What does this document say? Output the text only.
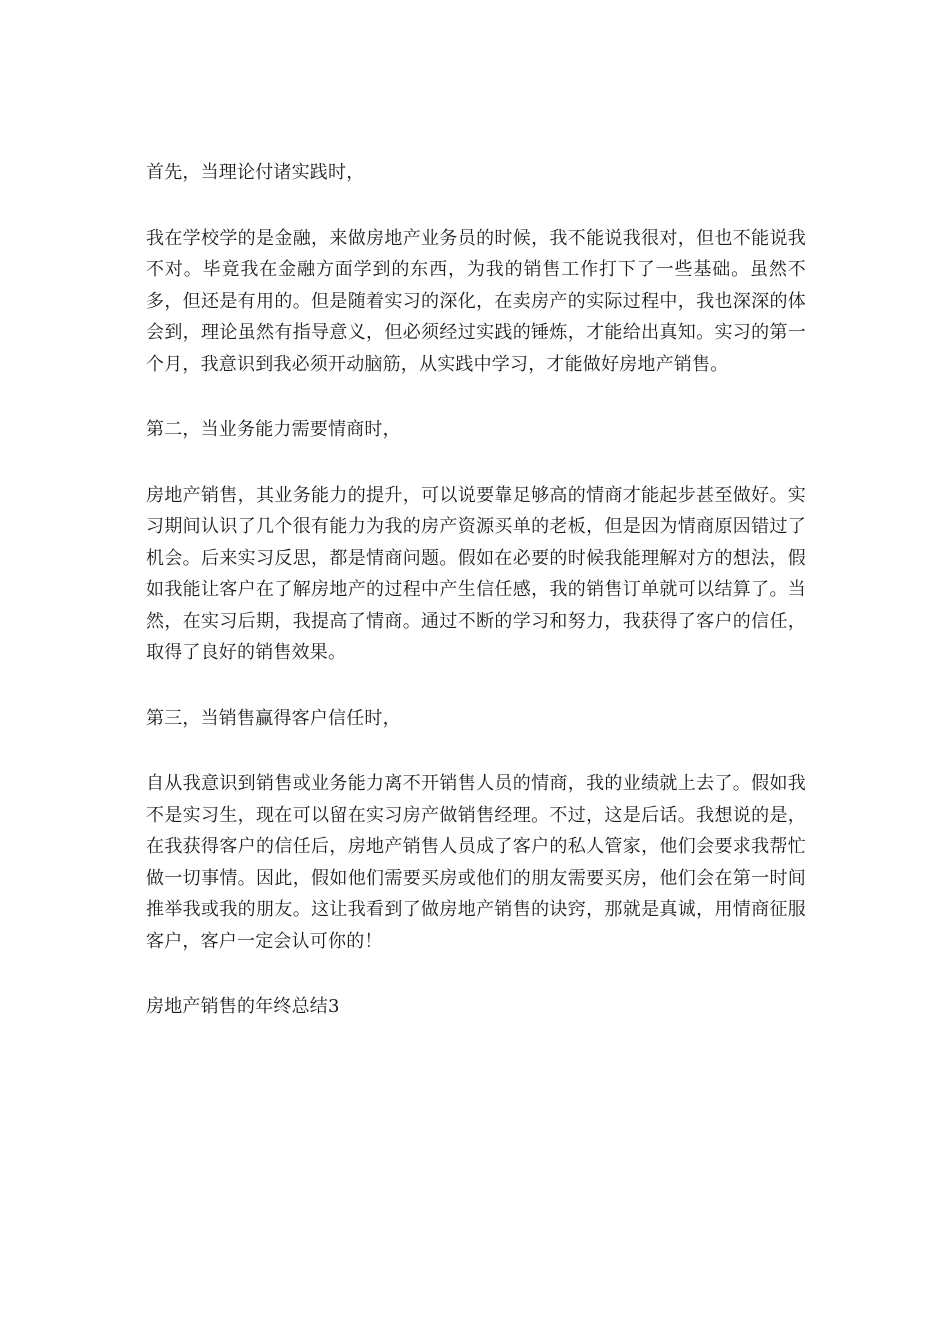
首先，当理论付诸实践时，

我在学校学的是金融，来做房地产业务员的时候，我不能说我很对，但也不能说我不对。毕竟我在金融方面学到的东西，为我的销售工作打下了一些基础。虽然不多，但还是有用的。但是随着实习的深化，在卖房产的实际过程中，我也深深的体会到，理论虽然有指导意义，但必须经过实践的锤炼，才能给出真知。实习的第一个月，我意识到我必须开动脑筋，从实践中学习，才能做好房地产销售。

第二，当业务能力需要情商时，

房地产销售，其业务能力的提升，可以说要靠足够高的情商才能起步甚至做好。实习期间认识了几个很有能力为我的房产资源买单的老板，但是因为情商原因错过了机会。后来实习反思，都是情商问题。假如在必要的时候我能理解对方的想法，假如我能让客户在了解房地产的过程中产生信任感，我的销售订单就可以结算了。当然，在实习后期，我提高了情商。通过不断的学习和努力，我获得了客户的信任，取得了良好的销售效果。

第三，当销售赢得客户信任时，

自从我意识到销售或业务能力离不开销售人员的情商，我的业绩就上去了。假如我不是实习生，现在可以留在实习房产做销售经理。不过，这是后话。我想说的是，在我获得客户的信任后，房地产销售人员成了客户的私人管家，他们会要求我帮忙做一切事情。因此，假如他们需要买房或他们的朋友需要买房，他们会在第一时间推举我或我的朋友。这让我看到了做房地产销售的诀窍，那就是真诚，用情商征服客户，客户一定会认可你的！

房地产销售的年终总结3
